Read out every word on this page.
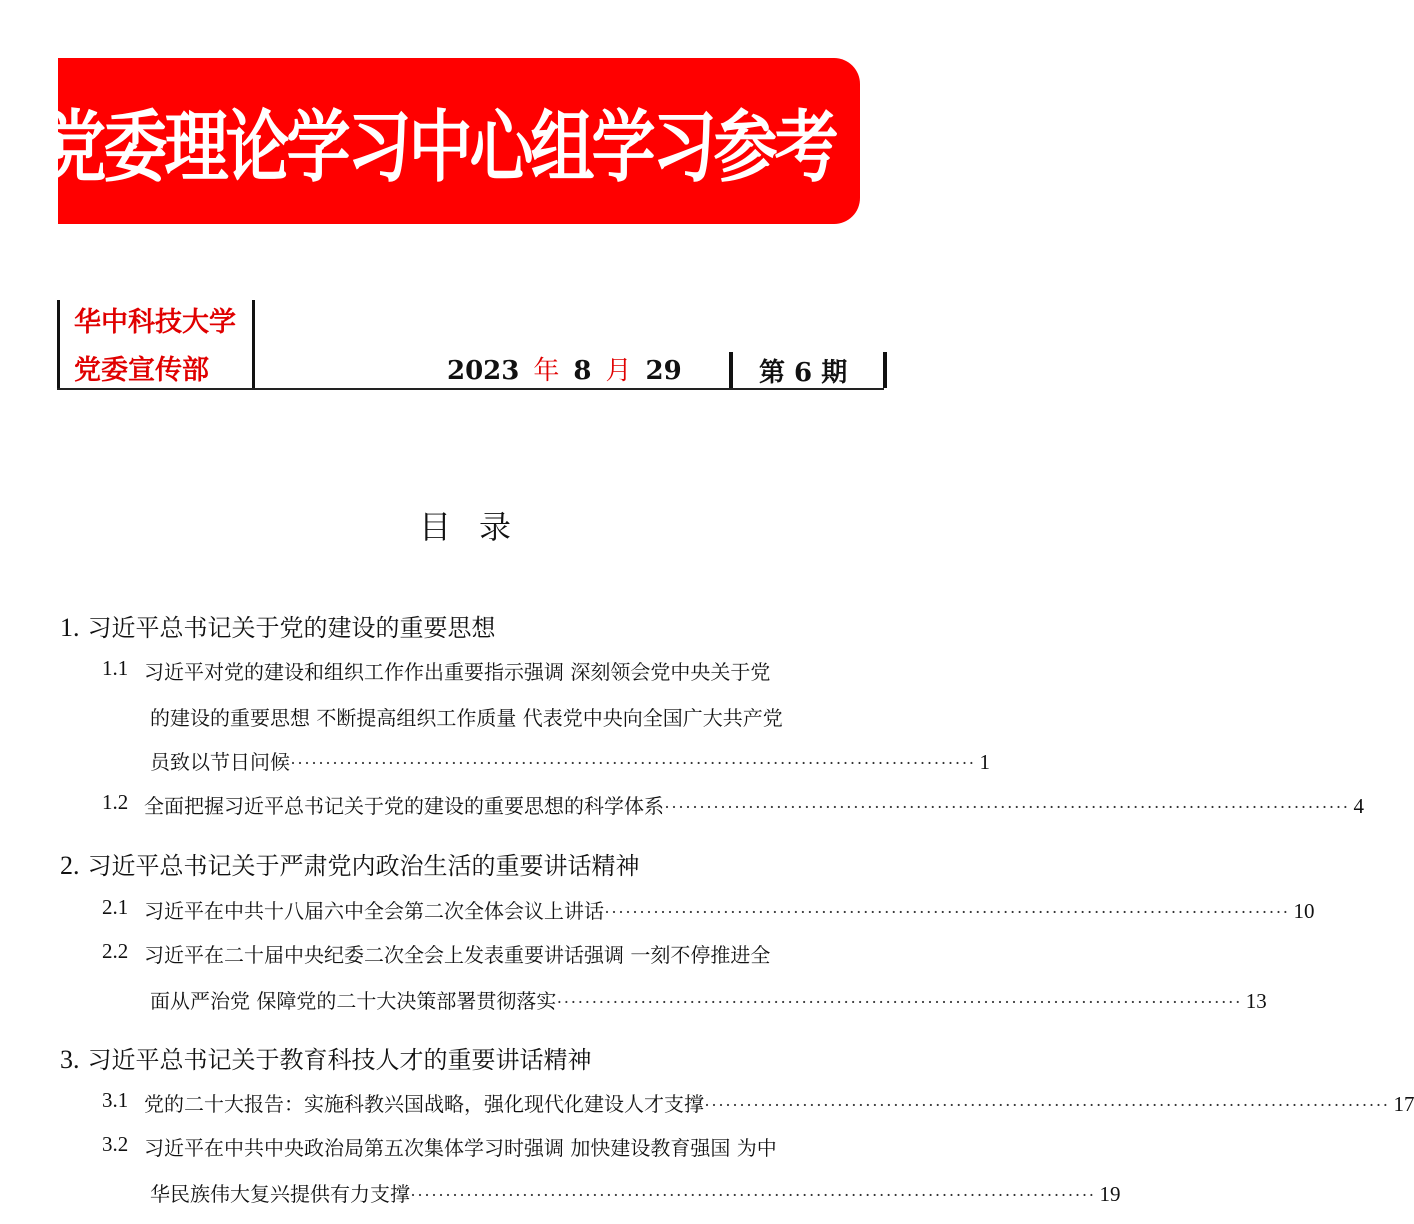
党委理论学习中心组学习参考
华中科技大学
党委宣传部	2023 年 8 月 29	第 6 期
目录
1. 习近平总书记关于党的建设的重要思想
1.1 习近平对党的建设和组织工作作出重要指示强调 深刻领会党中央关于党
的建设的重要思想 不断提高组织工作质量 代表党中央向全国广大共产党
员致以节日问候 ·································································································· 1
1.2 全面把握习近平总书记关于党的建设的重要思想的科学体系 ·································································································· 4
2. 习近平总书记关于严肃党内政治生活的重要讲话精神
2.1 习近平在中共十八届六中全会第二次全体会议上讲话 ·································································································· 10
2.2 习近平在二十届中央纪委二次全会上发表重要讲话强调 一刻不停推进全
面从严治党 保障党的二十大决策部署贯彻落实 ·································································································· 13
3. 习近平总书记关于教育科技人才的重要讲话精神
3.1 党的二十大报告：实施科教兴国战略，强化现代化建设人才支撑 ·································································································· 17
3.2 习近平在中共中央政治局第五次集体学习时强调 加快建设教育强国 为中
华民族伟大复兴提供有力支撑 ·································································································· 19
